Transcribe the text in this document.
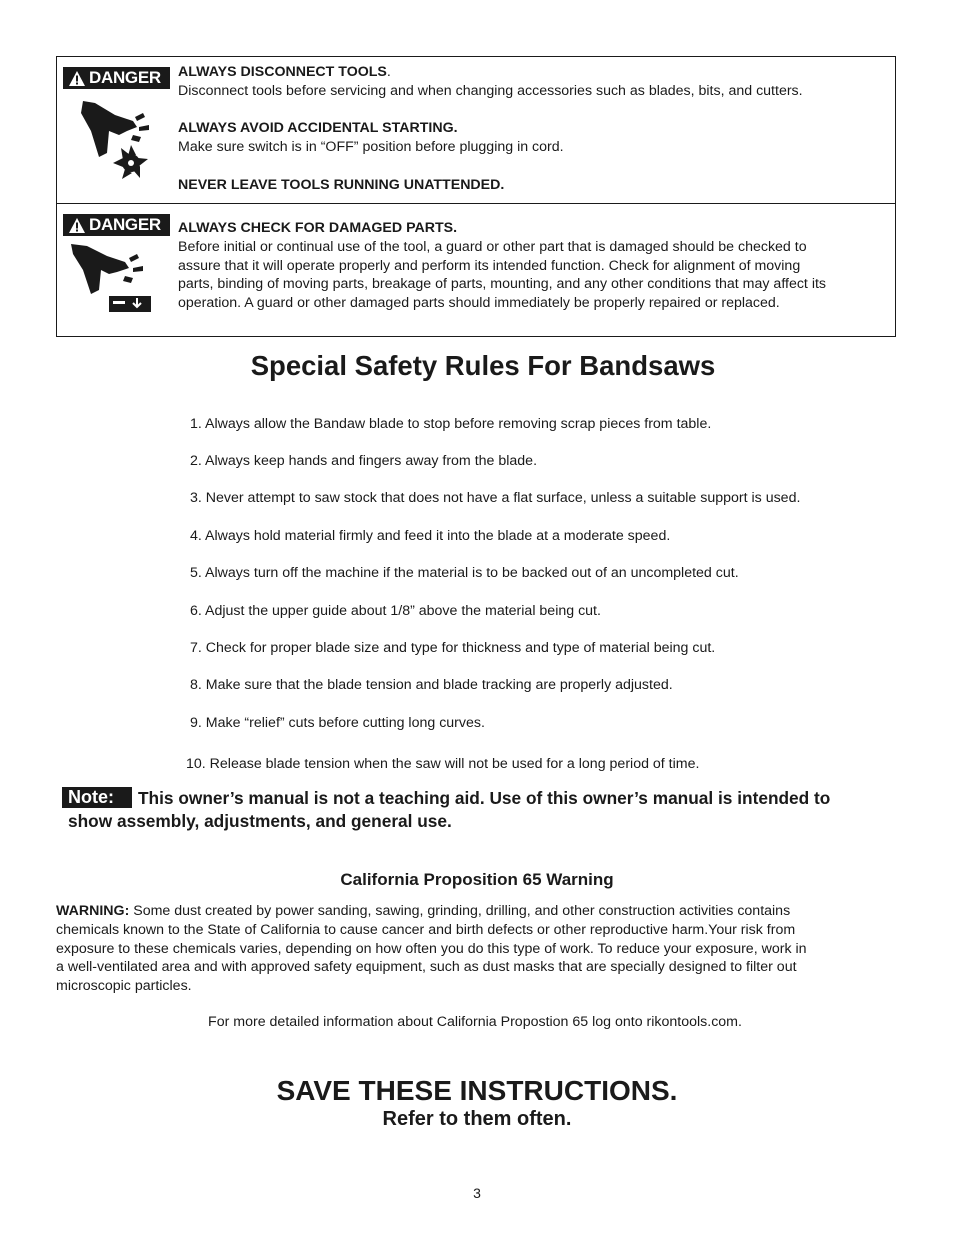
DANGER ALWAYS DISCONNECT TOOLS.

Disconnect tools before servicing and when changing accessories such as blades, bits, and cutters.

ALWAYS AVOID ACCIDENTAL STARTING.

Make sure switch is in “OFF” position before plugging in cord.

NEVER LEAVE TOOLS RUNNING UNATTENDED.

DANGER ALWAYS CHECK FOR DAMAGED PARTS.

Before initial or continual use of the tool, a guard or other part that is damaged should be checked to

assure that it will operate properly and perform its intended function. Check for alignment of moving

parts, binding of moving parts, breakage of parts, mounting, and any other conditions that may affect its

operation. A guard or other damaged parts should immediately be properly repaired or replaced.

Special Safety Rules For Bandsaws
1. Always allow the Bandaw blade to stop before removing scrap pieces from table.
2. Always keep hands and fingers away from the blade.
3. Never attempt to saw stock that does not have a flat surface, unless a suitable support is used.
4. Always hold material firmly and feed it into the blade at a moderate speed.
5. Always turn off the machine if the material is to be backed out of an uncompleted cut.
6. Adjust the upper guide about 1/8” above the material being cut.
7. Check for proper blade size and type for thickness and type of material being cut.
8. Make sure that the blade tension and blade tracking are properly adjusted.
9. Make “relief” cuts before cutting long curves.
10. Release blade tension when the saw will not be used for a long period of time.
Note: This owner’s manual is not a teaching aid. Use of this owner’s manual is intended to
show assembly, adjustments, and general use.
California Proposition 65 Warning
WARNING: Some dust created by power sanding, sawing, grinding, drilling, and other construction activities contains
chemicals known to the State of California to cause cancer and birth defects or other reproductive harm.Your risk from
exposure to these chemicals varies, depending on how often you do this type of work. To reduce your exposure, work in
a well-ventilated area and with approved safety equipment, such as dust masks that are specially designed to filter out
microscopic particles.
For more detailed information about California Propostion 65 log onto rikontools.com.
SAVE THESE INSTRUCTIONS.
Refer to them often.
3
